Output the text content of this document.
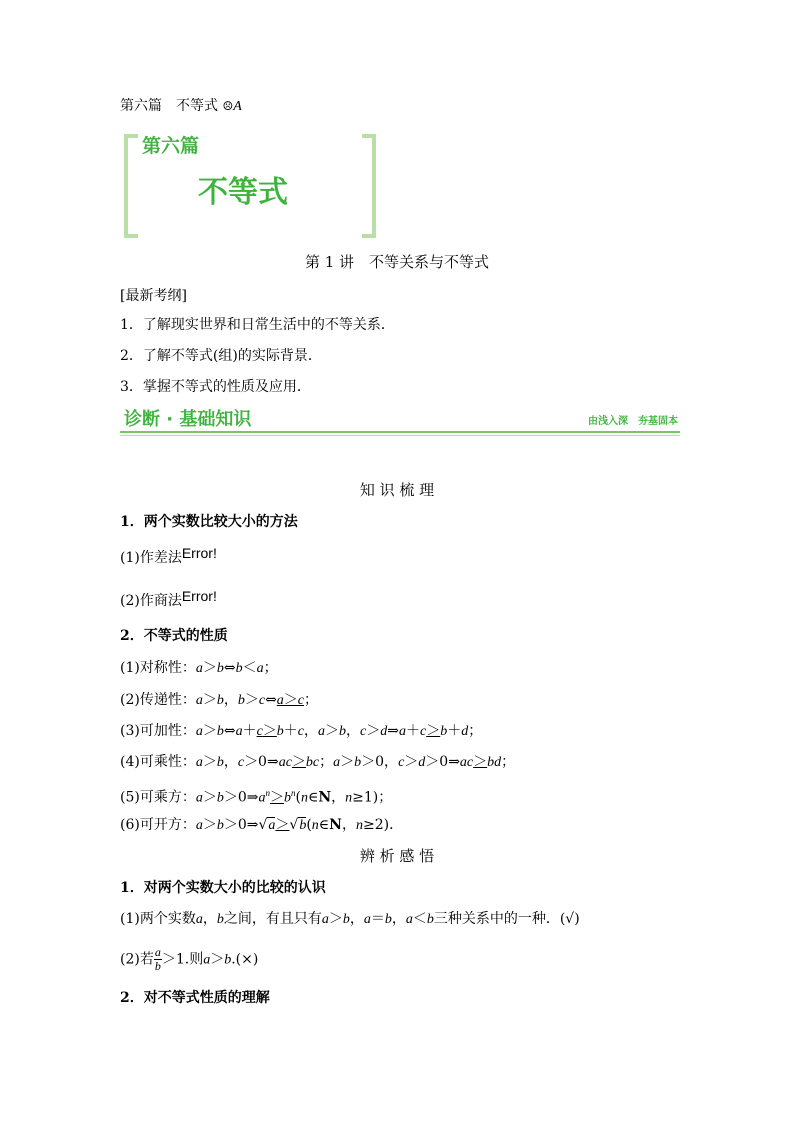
第六篇　不等式 ☹A
第六篇
不等式
第 1 讲　不等关系与不等式
[最新考纲]
1．了解现实世界和日常生活中的不等关系．
2．了解不等式(组)的实际背景．
3．掌握不等式的性质及应用．
诊断 · 基础知识	由浅入深　夯基固本
知 识 梳 理
1．两个实数比较大小的方法
(1)作差法Error!
(2)作商法Error!
2．不等式的性质
(1)对称性：a＞b⇔b＜a；
(2)传递性：a＞b，b＞c⇔a＞c；
(3)可加性：a＞b⇔a＋c＞b＋c，a＞b，c＞d⇒a＋c＞b＋d；
(4)可乘性：a＞b，c＞0⇒ac＞bc；a＞b＞0，c＞d＞0⇒ac＞bd；
(5)可乘方：$a>b>0\Rightarrow a^n>b^n(n\in N$，n≥1)；
(6)可开方：a＞b＞0⇒√a＞√b(n∈N，n≥2)．
辨 析 感 悟
1．对两个实数大小的比较的认识
(1)两个实数a，b之间，有且只有a＞b，a＝b，a＜b三种关系中的一种．(√)
(2)若 $\frac{a}{b} >1$.则a＞b.(×)
2．对不等式性质的理解
